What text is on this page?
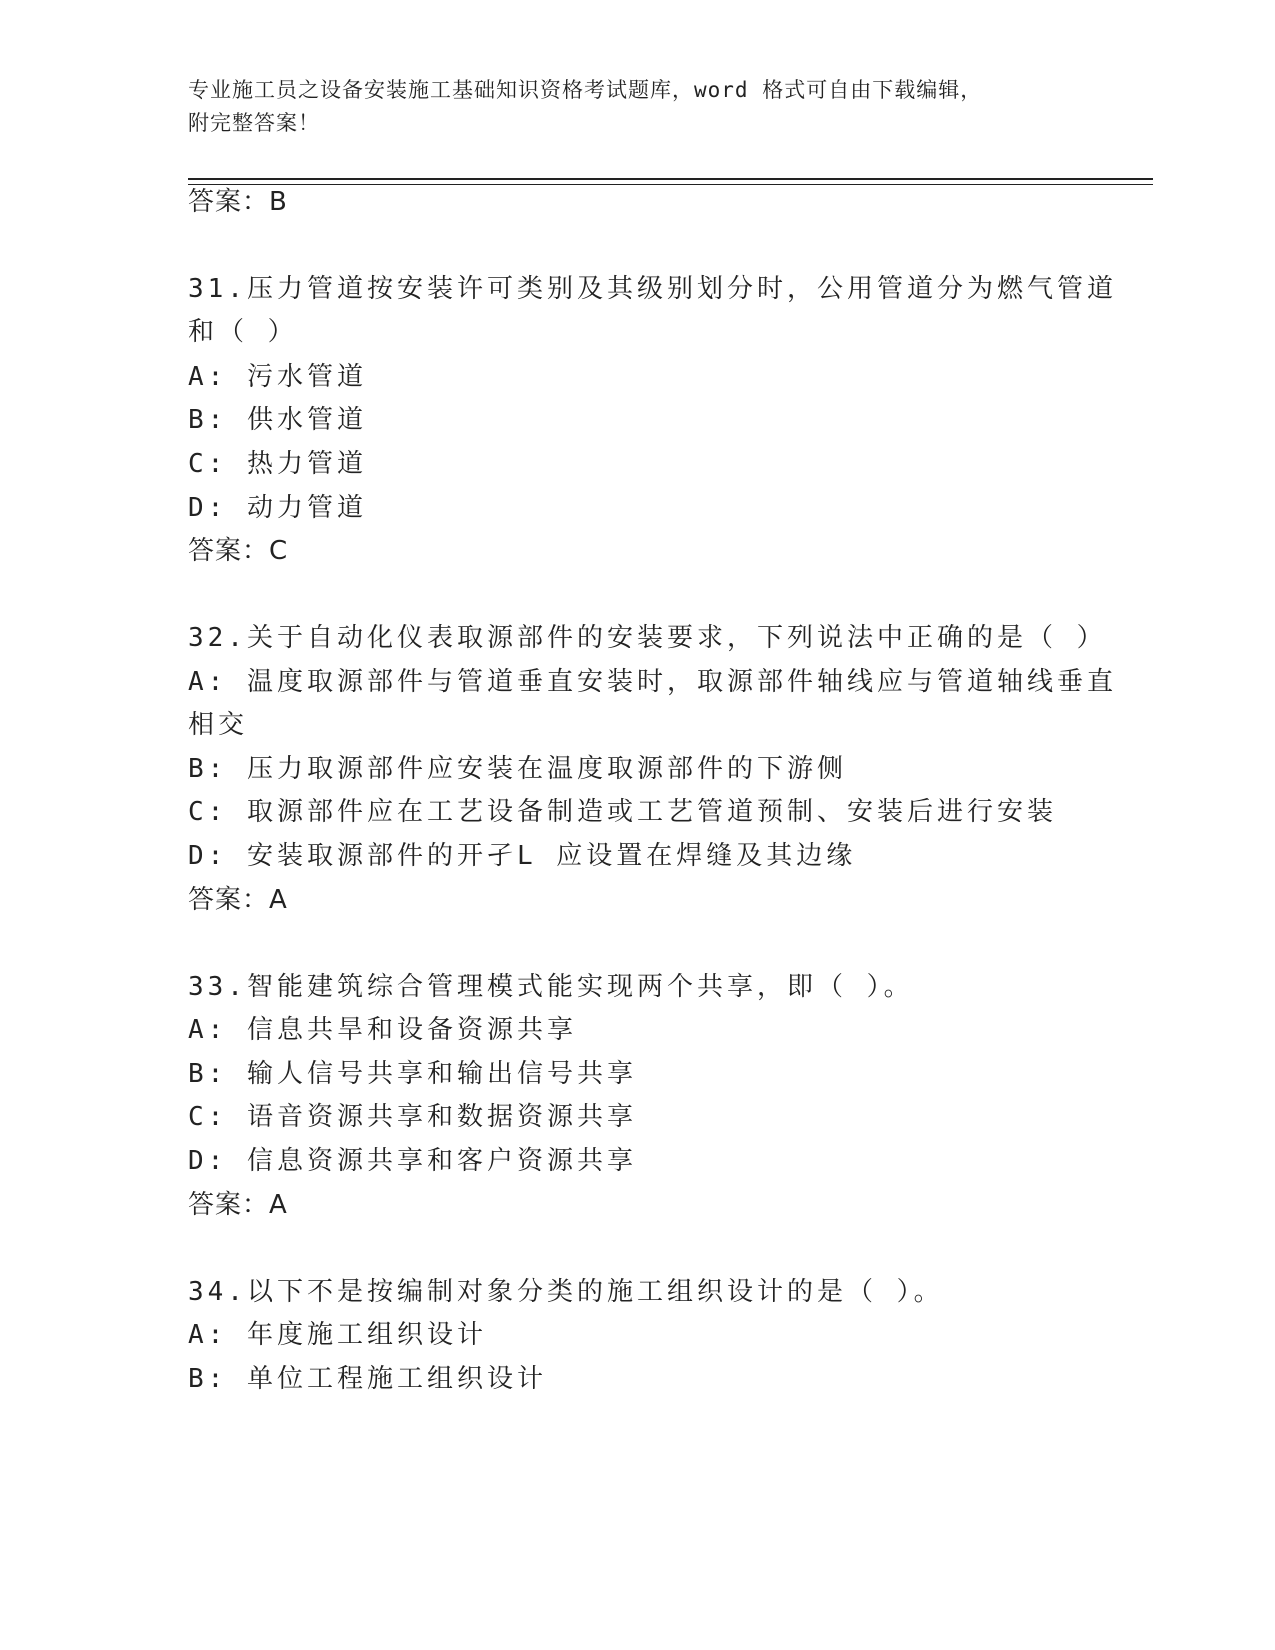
专业施工员之设备安装施工基础知识资格考试题库，word 格式可自由下载编辑，
附完整答案！
答案：B
31.压力管道按安装许可类别及其级别划分时，公用管道分为燃气管道
和（ ）
A: 污水管道
B: 供水管道
C: 热力管道
D: 动力管道
答案：C
32.关于自动化仪表取源部件的安装要求，下列说法中正确的是（ ）
A: 温度取源部件与管道垂直安装时，取源部件轴线应与管道轴线垂直
相交
B: 压力取源部件应安装在温度取源部件的下游侧
C: 取源部件应在工艺设备制造或工艺管道预制、安装后进行安装
D: 安装取源部件的开孑L 应设置在焊缝及其边缘
答案：A
33.智能建筑综合管理模式能实现两个共享，即（ ）。
A: 信息共旱和设备资源共享
B: 输人信号共享和输出信号共享
C: 语音资源共享和数据资源共享
D: 信息资源共享和客户资源共享
答案：A
34.以下不是按编制对象分类的施工组织设计的是（ ）。
A: 年度施工组织设计
B: 单位工程施工组织设计
